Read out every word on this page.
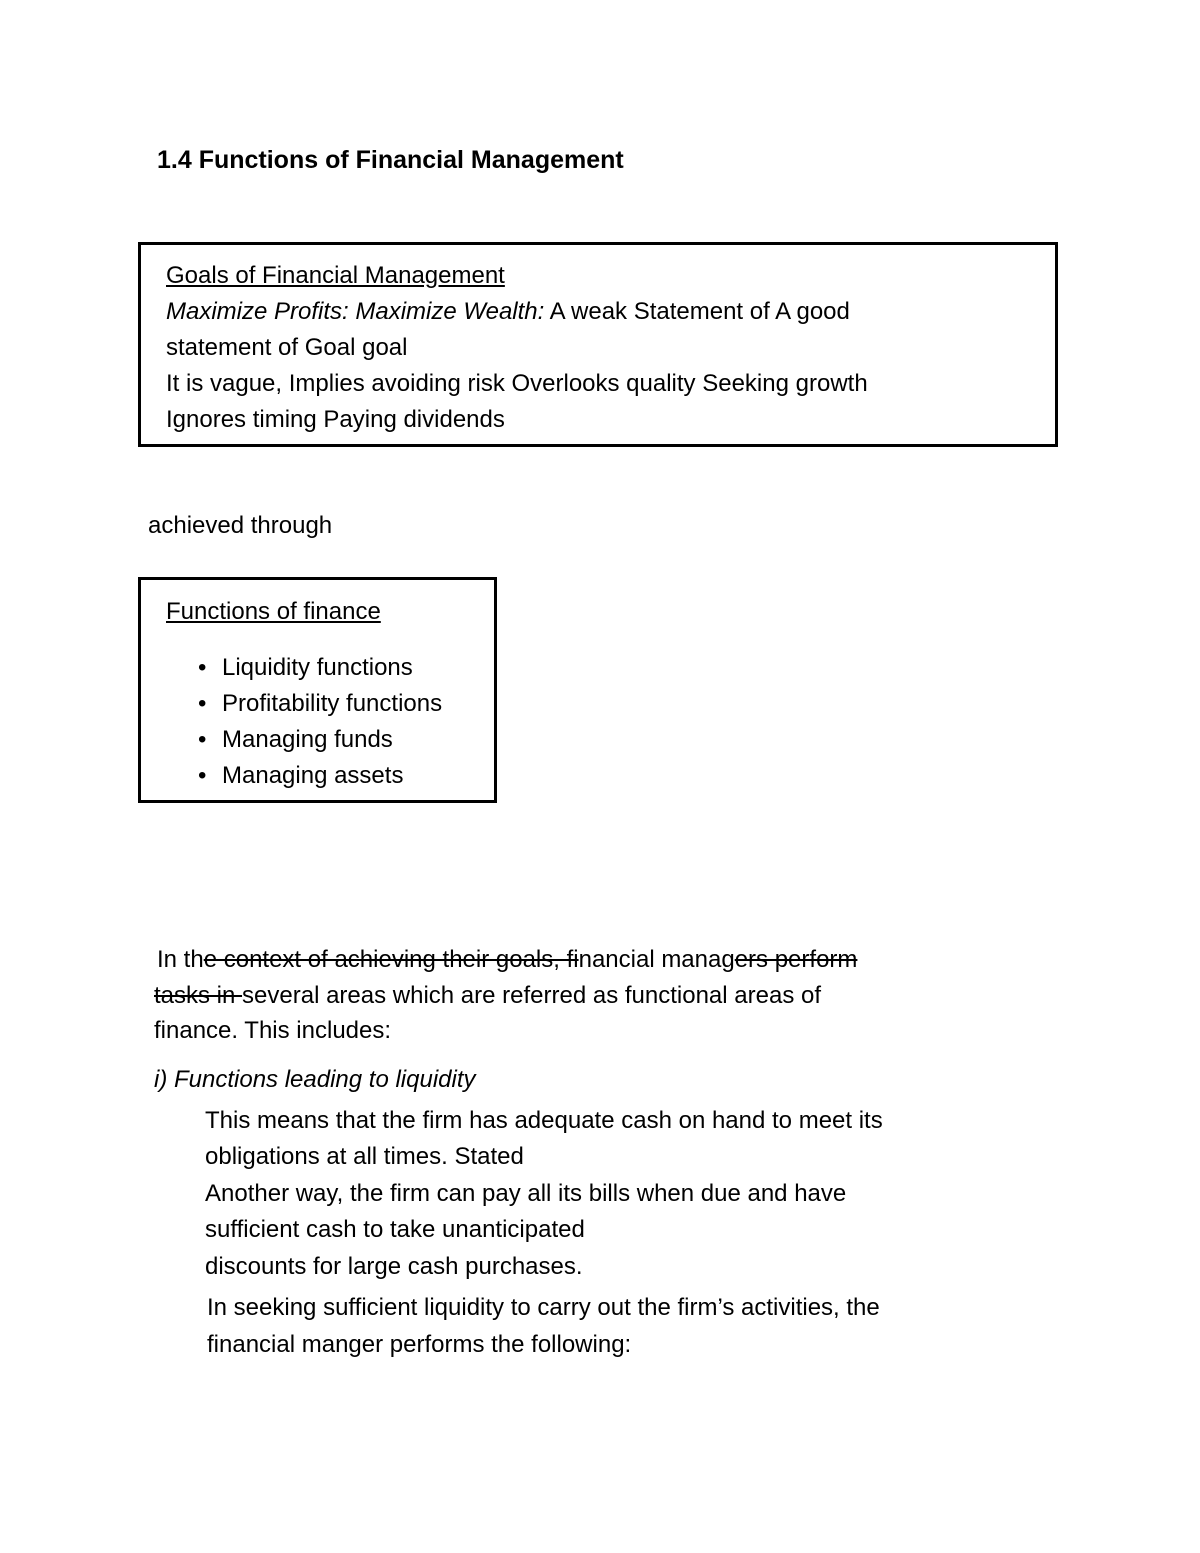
1.4 Functions of Financial Management
Goals of Financial Management
Maximize Profits: Maximize Wealth: A weak Statement of A good
statement of Goal goal
It is vague, Implies avoiding risk Overlooks quality Seeking growth
Ignores timing Paying dividends
achieved through
Functions of finance
• Liquidity functions
• Profitability functions
• Managing funds
• Managing assets
In the context of achieving their goals, financial managers perform
tasks in several areas which are referred as functional areas of
finance. This includes:
i) Functions leading to liquidity
This means that the firm has adequate cash on hand to meet its
obligations at all times. Stated
Another way, the firm can pay all its bills when due and have
sufficient cash to take unanticipated
discounts for large cash purchases.
In seeking sufficient liquidity to carry out the firm’s activities, the
financial manger performs the following:
